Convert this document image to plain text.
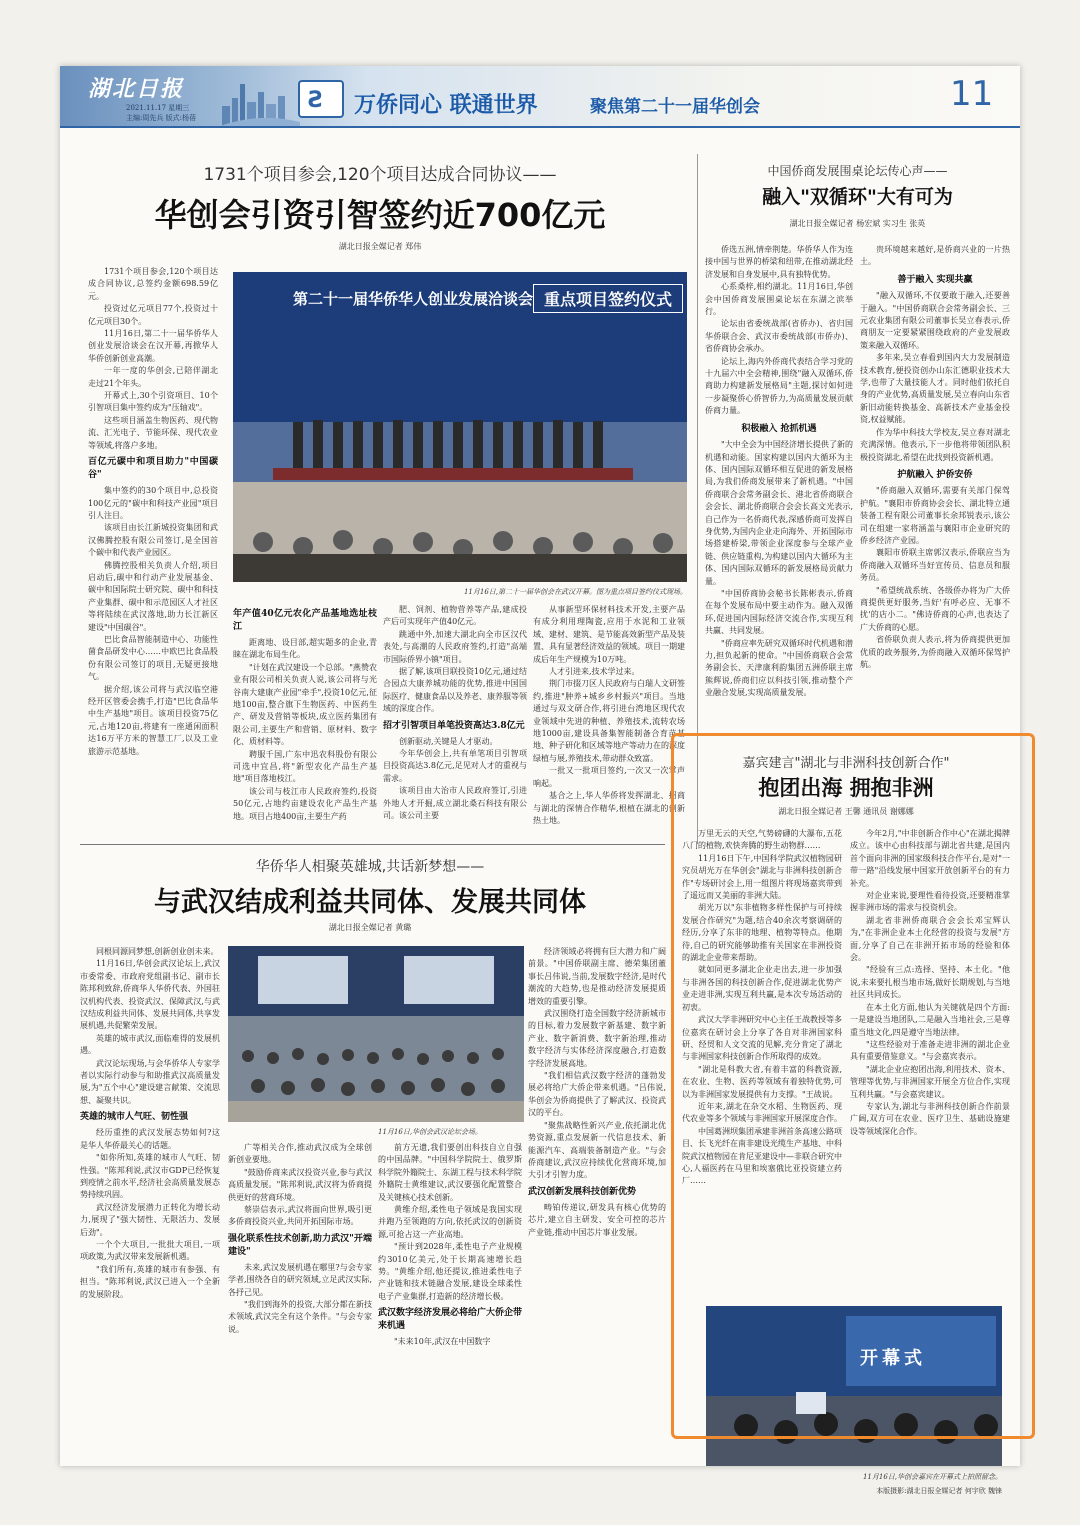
湖北日报
2021.11.17 星期三
主编:周先兵 版式:杨蓓
Ƨ 万侨同心 联通世界	聚焦第二十一届华创会	11
1731个项目参会,120个项目达成合同协议——
华创会引资引智签约近700亿元
湖北日报全媒记者 郑伟

1731个项目参会,120个项目达成合同协议,总签约金额698.59亿元。

投资过亿元项目77个,投资过十亿元项目30个。

11月16日,第二十一届华侨华人创业发展洽谈会在汉开幕,再掀华人华侨创新创业高潮。

一年一度的华创会,已陪伴湖北走过21个年头。

开幕式上,30个引资项目、10个引智项目集中签约成为"压轴戏"。

这些项目涵盖生物医药、现代物流、汇光电子、节能环保、现代农业等领域,将落户多地。

百亿元碳中和项目助力"中国碳谷"

集中签约的30个项目中,总投资100亿元的"碳中和科技产业园"项目引人注目。

该项目由长江新城投资集团和武汉佛腾控股有限公司签订,是全国首个碳中和代表产业园区。

佛腾控股相关负责人介绍,项目启动后,碳中和行动产业发展基金、碳中和国际院士研究院、碳中和科技产业集群、碳中和示范园区人才社区等将陆续在武汉落地,助力长江新区建设"中国碳谷"。

巴比食品智能制造中心、功能性菌食品研发中心……中欧巴比食品股份有限公司签订的项目,无疑更接地气。

据介绍,该公司将与武汉临空港经开区管委会携手,打造"巴比食品华中生产基地"项目。该项目投资75亿元,占地120亩,将建有一座通闲面积达16万平方米的智慧工厂,以及工业旅游示范基地。

第二十一届华侨华人创业发展洽谈会 重点项目签约仪式
11月16日,第二十一届华创会在武汉开幕。图为重点项目签约仪式现场。

年产值40亿元农化产品基地选址枝江

距离地、设目部,超实题多的企业,青睐在湖北布局生化。

"计划在武汉建设一个总部。"燕赞农业有限公司相关负责人说,该公司将与光谷南大建康产业园"牵手",投资10亿元,征地100亩,整合旗下生物医药、中医药生产、研发及营销等板块,成立医药集团有限公司,主要生产和营销、原材料、数字化、质材料等。

聘服千国,广东中迅农科股份有限公司选中宜昌,将"新型农化产品生产基地"项目落地枝江。

该公司与枝江市人民政府签约,投资50亿元,占地约亩建设农化产品生产基地。项目占地400亩,主要生产药

肥、饲剂、植物营养等产品,建成投产后可实现年产值40亿元。

跳通中外,加速大湖北向全市区汉代表处,与高潮的人民政府签约,打造"高端市国际侨界小镇"项目。

据了解,该项目联投资10亿元,通过结合园点大康养城功能的优势,推进中国国际医疗、健康食品以及养老、康养服等领域的深度合作。

招才引智项目单笔投资高达3.8亿元

创新驱动,关键是人才驱动。

今年华创会上,共有单笔项目引智项目投资高达3.8亿元,足见对人才的重视与需求。

该项目由大治市人民政府签订,引进外地人才开掘,成立湖北桑石科技有限公司。该公司主要

从事新型环保材料技术开发,主要产品有成分利用理陶瓷,应用于水泥和工业领域、建材、建筑、是节能高效新型产品及装置、具有显著经济效益的领域。项目一期建成后年生产规模为10万吨。

人才引进来,技术学过来。

荆门市掇刀区人民政府与白瑞人文研签约,推进"肿养+城乡乡村振兴"项目。当地通过与双文研合作,将引进台湾地区现代农业领域中先进的种植、养殖技术,流转农场地1000亩,建设具备集智能制备合育苗基地、种子研化和区域等地产等动力在的深度绿植与展,养殖技术,带动群众致富。

一批又一批项目签约,一次又一次掌声响起。

基合之上,华人华侨将发挥湖北、招商与湖北的深情合作精华,根植在湖北的创新热土地。

中国侨商发展围桌论坛传心声——
融入"双循环"大有可为
湖北日报全媒记者 杨宏斌 实习生 张英

侨选五洲,情牵荆楚。华侨华人作为连接中国与世界的桥梁和纽带,在推动湖北经济发展和自身发展中,具有独特优势。

心系桑梓,相约湖北。11月16日,华创会中国侨商发展围桌论坛在东湖之滨举行。

论坛由省委统战部(省侨办)、省归国华侨联合会、武汉市委统战部(市侨办)、省侨商协会承办。

论坛上,海内外侨商代表结合学习党的十九届六中全会精神,围绕"融入双循环,侨商助力构建新发展格局"主题,探讨如何进一步凝聚侨心侨智侨力,为高质量发展贡献侨商力量。

积极融入 抢抓机遇

"大中全会为中国经济增长提供了新的机遇和动能。国家构建以国内大循环为主体、国内国际双循环相互促进的新发展格局,为我们侨商发展带来了新机遇。"中国侨商联合会常务副会长、港北省侨商联合会会长、湖北侨商联合会会长高文光表示,自己作为一名侨商代表,深感侨商可发挥自身优势,为国内企业走向海外、开拓国际市场搭建桥梁,带领企业深度参与全球产业链、供应链重构,为构建以国内大循环为主体、国内国际双循环的新发展格局贡献力量。

"中国侨商协会秘书长陈彬表示,侨商在每个发展布局中要主动作为。融入双循环,促进国内国际经济交流合作,实现互利共赢、共同发展。

"侨商应率先研究双循环时代机遇和潜力,担负起新的使命。"中国侨商联合会常务副会长、天津康利韵集团五洲侨联主席熊辉说,侨商们应以科技引领,推动整个产业融合发展,实现高质量发展。

贵环境越来越好,是侨商兴业的一片热土。

善于融入 实现共赢

"融入双循环,不仅要敢于融入,还要善于融入。"中国侨商联合会常务副会长、三元农业集团有限公司董事长吴立春表示,侨商朋友一定要紧紧围绕政府的产业发展政策来融入双循环。

多年来,吴立春看到国内大力发展制造技术教育,便投资创办山东汇德职业技术大学,也带了大量技能人才。同时他们依托自身的产业优势,高质量发展,吴立春向山东省新旧动能转换基金、高新技术产业基金投资,权益赋能。

作为华中科技大学校友,吴立春对湖北充满深情。他表示,下一步他将带领团队积极投资湖北,希望在此找到投资新机遇。

护航融入 护侨安侨

"侨商融入双循环,需要有关部门保驾护航。"襄阳市侨商协会会长、湖北特立通装备工程有限公司董事长余邦锐表示,该公司在组建一家将涵盖与襄阳市企业研究的侨乡经济产业园。

襄阳市侨联主席郭汉表示,侨联应当为侨商融入双循环当好宣传员、信息员和服务员。

"希望统战系统、各级侨办将为广大侨商提供更好服务,当好'有呼必应、无事不扰'的店小二。"佛诗侨商的心声,也表达了广大侨商的心愿。

省侨联负责人表示,将为侨商提供更加优质的政务服务,为侨商融入双循环保驾护航。

华侨华人相聚英雄城,共话新梦想——
与武汉结成利益共同体、发展共同体
湖北日报全媒记者 黄璐

同根同源同梦想,创新创业创未来。

11月16日,华创会武汉论坛上,武汉市委常委、市政府党组副书记、副市长陈邦利致辞,侨商华人华侨代表、外国驻汉机构代表、投资武汉、保障武汉,与武汉结成利益共同体、发展共同体,共享发展机遇,共促繁荣发展。

英雄的城市武汉,面临难得的发展机遇。

武汉论坛现场,与会华侨华人专家学者以实际行动参与和助推武汉高质量发展,为"五个中心"建设建言献策、交流思想、凝聚共识。

英雄的城市人气旺、韧性强

经历重挫的武汉发展态势如何?这是华人华侨最关心的话题。

"如你所知,英雄的城市人气旺、韧性强。"陈邦利说,武汉市GDP已经恢复到疫情之前水平,经济社会高质量发展态势持续巩固。

武汉经济发展潜力正转化为增长动力,展现了"强大韧性、无限活力、发展后劲"。

一个个大项目,一批批大项目,一项项政策,为武汉带来发展新机遇。

"我们所有,英雄的城市有参强、有担当。"陈邦利说,武汉已进入一个全新的发展阶段。

11月16日,华创会武汉论坛会场。

经济领域必将拥有巨大潜力和广阔前景。"中国侨联副主席、德荣集团董事长吕伟说,当前,发展数字经济,是时代潮流的大趋势,也是推动经济发展提质增效的重要引擎。

武汉围绕打造全国数字经济新城市的目标,着力发展数字新基建、数字新产业、数字新消费、数字新治理,推动数字经济与实体经济深度融合,打造数字经济发展高地。

"我们相信武汉数字经济的蓬勃发展必将给广大侨企带来机遇。"吕伟说,华创会为侨商提供了了解武汉、投资武汉的平台。

"聚焦战略性新兴产业,依托湖北优势资源,重点发展新一代信息技术、新能源汽车、高端装备制造产业。"与会侨商建议,武汉应持续优化营商环境,加大引才引智力度。

武汉创新发展科技创新优势

畴铂传递议,研发具有核心优势的芯片,建立自主研发、安全可控的芯片产业链,推动中国芯片事业发展。

广等相关合作,推动武汉成为全球创新创业要地。

"鼓励侨商来武汉投资兴业,参与武汉高质量发展。"陈邦利说,武汉将为侨商提供更好的营商环境。

蔡崇信表示,武汉将面向世界,吸引更多侨商投资兴业,共同开拓国际市场。

强化联系性技术创新,助力武汉"开端建设"

未来,武汉发展机遇在哪里?与会专家学者,围绕各自的研究领域,立足武汉实际,各抒己见。

"我们到海外的投资,大部分都在新技术领域,武汉完全有这个条件。"与会专家说。

前方无遗,我们要创出科技自立自强的中国品牌。"中国科学院院士、俄罗斯科学院外籍院士、东湖工程与技术科学院外籍院士黄维建议,武汉要强化配置整合及关键核心技术创新。

黄维介绍,柔性电子领域是我国实现并跑乃至领跑的方向,依托武汉的创新资源,可抢占这一产业高地。

"预计到2028年,柔性电子产业规模约3010亿美元,处于长期高速增长趋势。"黄维介绍,他还提议,推进柔性电子产业链和技术链融合发展,建设全球柔性电子产业集群,打造新的经济增长极。

武汉数字经济发展必将给广大侨企带来机遇

"未来10年,武汉在中国数字

嘉宾建言"湖北与非洲科技创新合作"
抱团出海 拥抱非洲
湖北日报全媒记者 王馨 通讯员 谢娜娜

万里无云的天空,气势磅礴的大瀑布,五花八门的植物,欢快奔腾的野生动物群……

11月16日下午,中国科学院武汉植物园研究员胡光万在华创会"湖北与非洲科技创新合作"专场研讨会上,用一组图片将现场嘉宾带到了遥远而又美丽的非洲大陆。

胡光万以"东非植物多样性保护与可持续发展合作研究"为题,结合40余次考察调研的经历,分享了东非的地理、植物等特点。他期待,自己的研究能够助推有关国家在非洲投资的湖北企业带来帮助。

就如同更多湖北企业走出去,进一步加强与非洲各国的科技创新合作,促进湖北优势产业走进非洲,实现互利共赢,是本次专场活动的初衷。

武汉大学非洲研究中心主任王战教授等多位嘉宾在研讨会上分享了各自对非洲国家科研、经贸和人文交流的见解,充分肯定了湖北与非洲国家科技创新合作所取得的成效。

"湖北是科教大省,有着丰富的科教资源,在农业、生物、医药等领域有着独特优势,可以为非洲国家发展提供有力支撑。"王战说。

近年来,湖北在杂交水稻、生物医药、现代农业等多个领域与非洲国家开展深度合作。

中国葛洲坝集团承建非洲首条高速公路项目、长飞光纤在南非建设光缆生产基地、中科院武汉植物园在肯尼亚建设中—非联合研究中心,人福医药在马里和埃塞俄比亚投资建立药厂……

今年2月,"中非创新合作中心"在湖北揭牌成立。该中心由科技部与湖北省共建,是国内首个面向非洲的国家级科技合作平台,是对"一带一路"沿线发展中国家开放创新平台的有力补充。

对企业来说,要理性看待投资,还要精准掌握非洲市场的需求与投资机会。

湖北省非洲侨商联合会会长邓宝辉认为,"在非洲企业本土化经营的投资与发展"方面,分享了自己在非洲开拓市场的经验和体会。

"经验有三点:选择、坚持、本土化。"他说,未来要扎根当地市场,做好长期规划,与当地社区共同成长。

在本土化方面,他认为关键就是四个方面:一是建设当地团队,二是融入当地社会,三是尊重当地文化,四是遵守当地法律。

"这些经验对于准备走进非洲的湖北企业具有重要借鉴意义。"与会嘉宾表示。

"湖北企业应抱团出海,利用技术、资本、管理等优势,与非洲国家开展全方位合作,实现互利共赢。"与会嘉宾建议。

专家认为,湖北与非洲科技创新合作前景广阔,双方可在农业、医疗卫生、基础设施建设等领域深化合作。

开幕式
11月16日,华创会嘉宾在开幕式上拍照留念。
本版摄影:湖北日报全媒记者 何宇欣 魏铼
